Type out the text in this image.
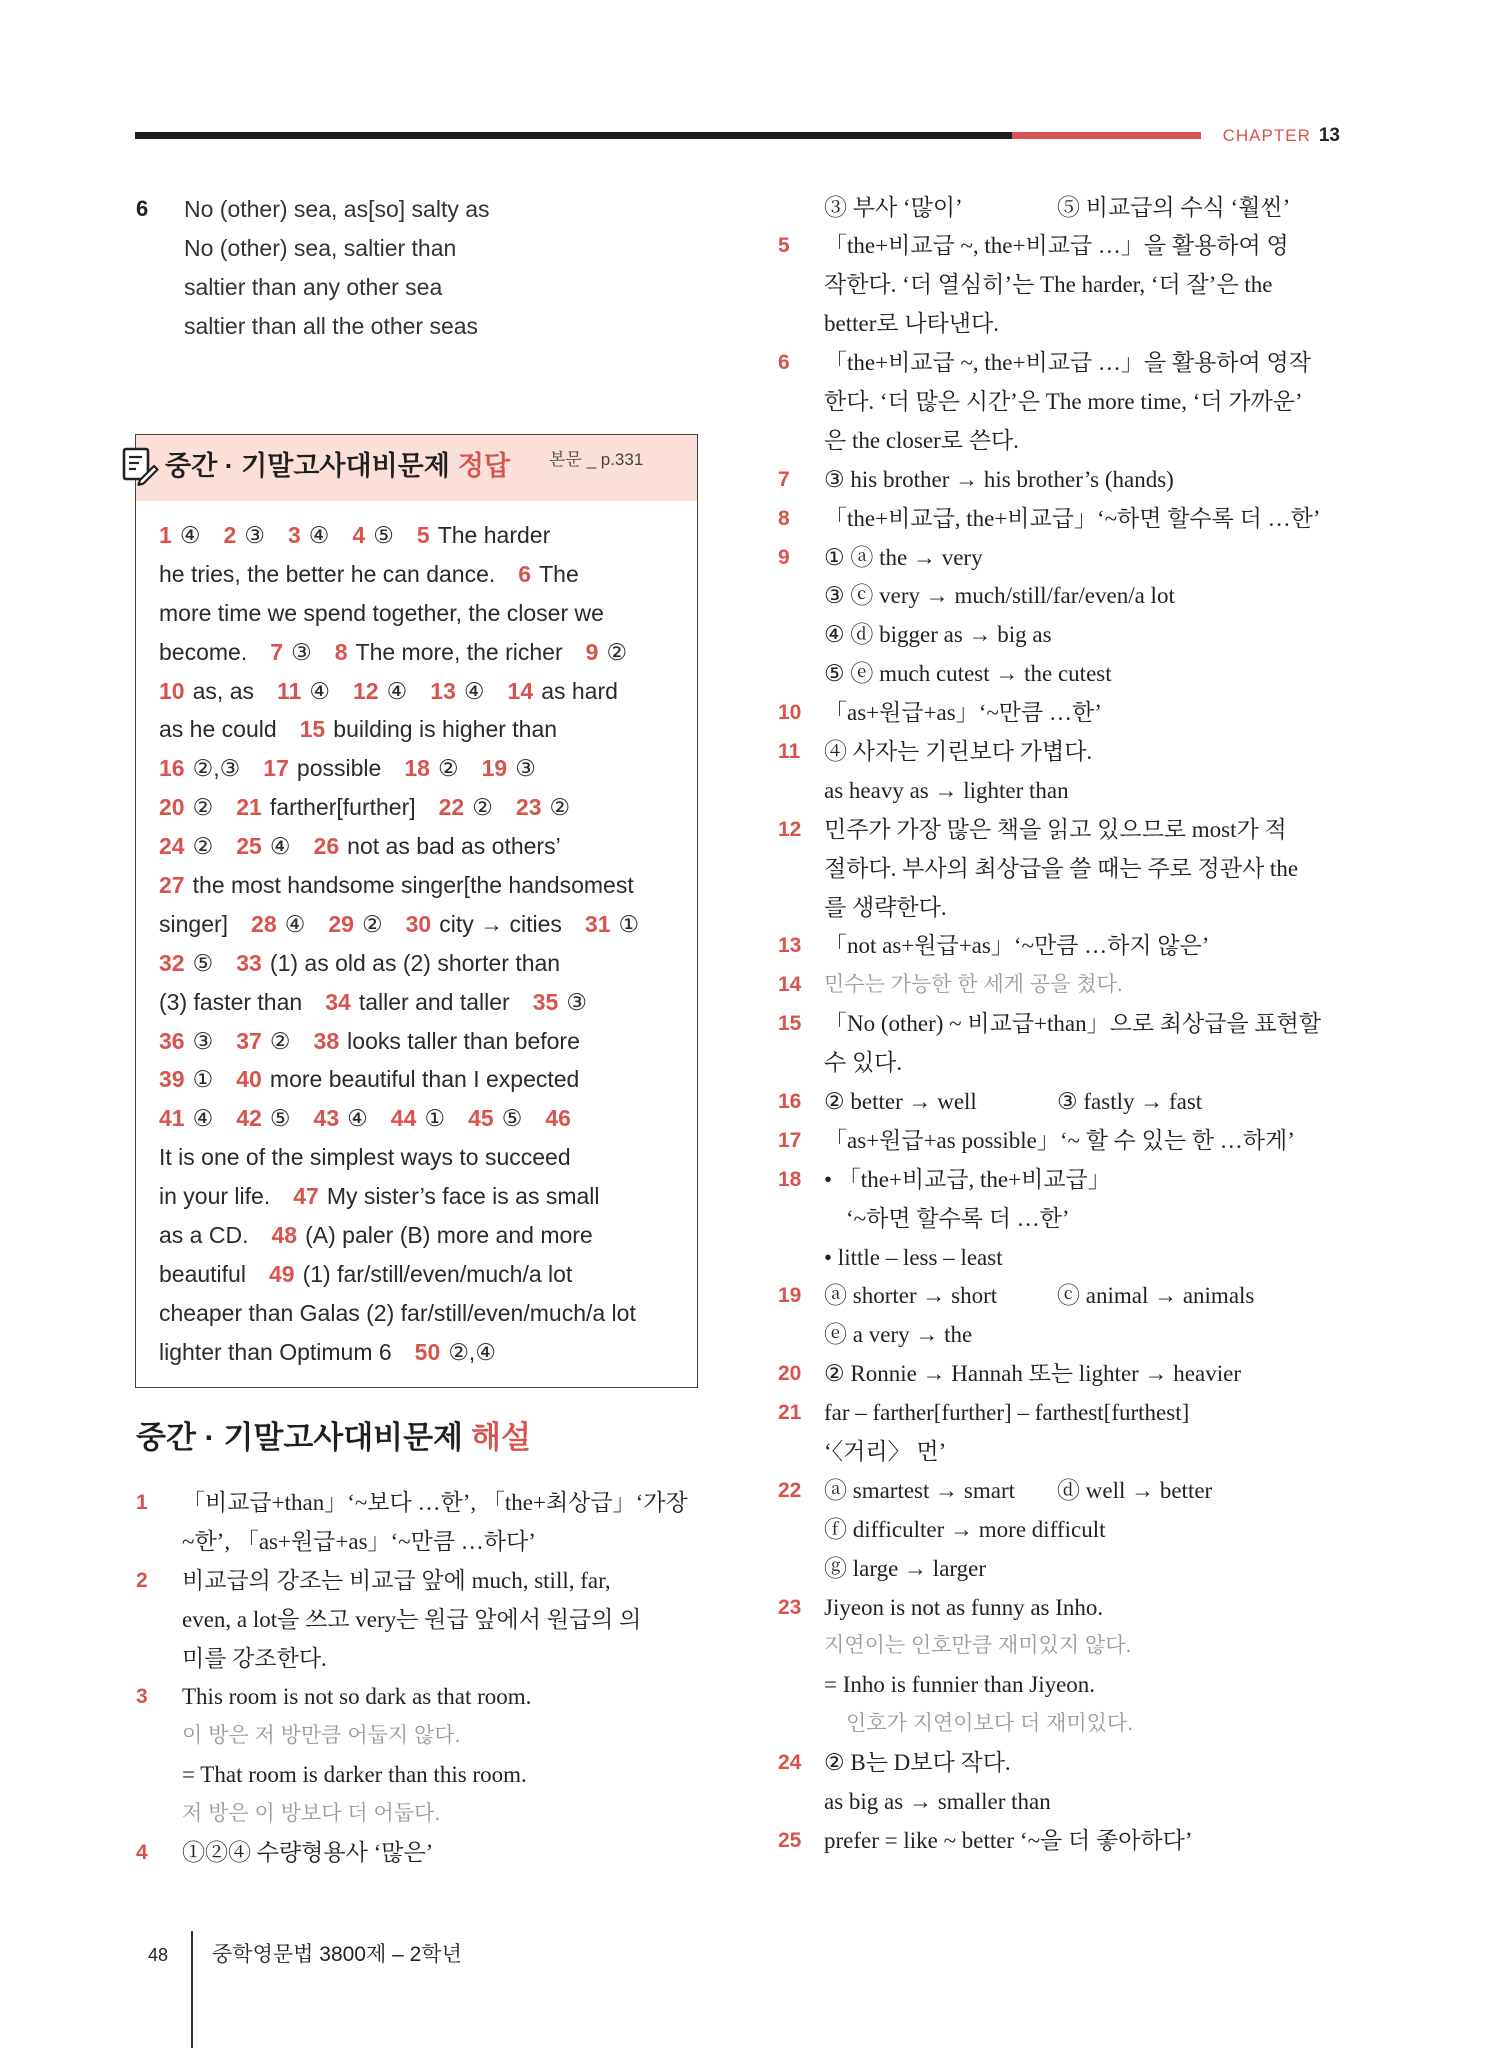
CHAPTER 13
6 No (other) sea, as[so] salty as
No (other) sea, saltier than
saltier than any other sea
saltier than all the other seas
중간 · 기말고사대비문제 정답 본문 _ p.331
1 ④ 2 ③ 3 ④ 4 ⑤ 5 The harder
he tries, the better he can dance. 6 The
more time we spend together, the closer we
become. 7 ③ 8 The more, the richer 9 ②
10 as, as 11 ④ 12 ④ 13 ④ 14 as hard
as he could 15 building is higher than
16 ②,③ 17 possible 18 ② 19 ③
20 ② 21 farther[further] 22 ② 23 ②
24 ② 25 ④ 26 not as bad as others’
27 the most handsome singer[the handsomest
singer] 28 ④ 29 ② 30 city → cities 31 ①
32 ⑤ 33 (1) as old as (2) shorter than
(3) faster than 34 taller and taller 35 ③
36 ③ 37 ② 38 looks taller than before
39 ① 40 more beautiful than I expected
41 ④ 42 ⑤ 43 ④ 44 ① 45 ⑤ 46
It is one of the simplest ways to succeed
in your life. 47 My sister’s face is as small
as a CD. 48 (A) paler (B) more and more
beautiful 49 (1) far/still/even/much/a lot
cheaper than Galas (2) far/still/even/much/a lot
lighter than Optimum 6 50 ②,④
중간 · 기말고사대비문제 해설
1 「비교급+than」‘~보다 …한’, 「the+최상급」‘가장
~한’, 「as+원급+as」‘~만큼 …하다’
2 비교급의 강조는 비교급 앞에 much, still, far,
even, a lot을 쓰고 very는 원급 앞에서 원급의 의
미를 강조한다.
3 This room is not so dark as that room.
이 방은 저 방만큼 어둡지 않다.
= That room is darker than this room.
저 방은 이 방보다 더 어둡다.
4 ①②④ 수량형용사 ‘많은’
③ 부사 ‘많이’	⑤ 비교급의 수식 ‘훨씬’
5 「the+비교급 ~, the+비교급 …」을 활용하여 영
작한다. ‘더 열심히’는 The harder, ‘더 잘’은 the
better로 나타낸다.
6 「the+비교급 ~, the+비교급 …」을 활용하여 영작
한다. ‘더 많은 시간’은 The more time, ‘더 가까운’
은 the closer로 쓴다.
7 ③ his brother → his brother’s (hands)
8 「the+비교급, the+비교급」‘~하면 할수록 더 …한’
9 ① ⓐ the → very
③ ⓒ very → much/still/far/even/a lot
④ ⓓ bigger as → big as
⑤ ⓔ much cutest → the cutest
10 「as+원급+as」‘~만큼 …한’
11 ④ 사자는 기린보다 가볍다.
as heavy as → lighter than
12 민주가 가장 많은 책을 읽고 있으므로 most가 적
절하다. 부사의 최상급을 쓸 때는 주로 정관사 the
를 생략한다.
13 「not as+원급+as」‘~만큼 …하지 않은’
14 민수는 가능한 한 세게 공을 쳤다.
15 「No (other) ~ 비교급+than」으로 최상급을 표현할
수 있다.
16 ② better → well	③ fastly → fast
17 「as+원급+as possible」‘~ 할 수 있는 한 …하게’
18 • 「the+비교급, the+비교급」
‘~하면 할수록 더 …한’
• little – less – least
19 ⓐ shorter → short	ⓒ animal → animals
ⓔ a very → the
20 ② Ronnie → Hannah 또는 lighter → heavier
21 far – farther[further] – farthest[furthest]
‘〈거리〉 먼’
22 ⓐ smartest → smart ⓓ well → better
ⓕ difficulter → more difficult
ⓖ large → larger
23 Jiyeon is not as funny as Inho.
지연이는 인호만큼 재미있지 않다.
= Inho is funnier than Jiyeon.
인호가 지연이보다 더 재미있다.
24 ② B는 D보다 작다.
as big as → smaller than
25 prefer = like ~ better ‘~을 더 좋아하다’
48 중학영문법 3800제 – 2학년
